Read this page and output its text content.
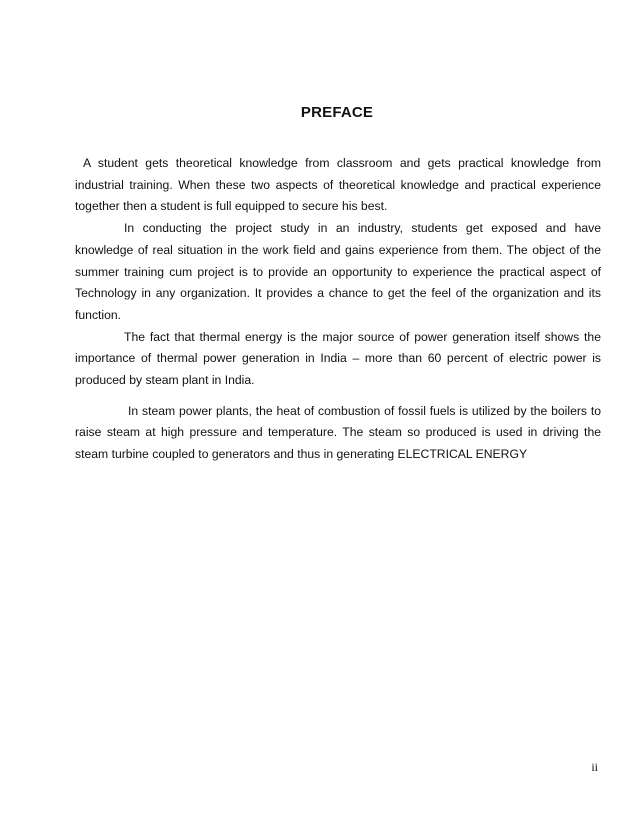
PREFACE

A student gets theoretical knowledge from classroom and gets practical knowledge from industrial training. When these two aspects of theoretical knowledge and practical experience together then a student is full equipped to secure his best.

In conducting the project study in an industry, students get exposed and have knowledge of real situation in the work field and gains experience from them. The object of the summer training cum project is to provide an opportunity to experience the practical aspect of Technology in any organization. It provides a chance to get the feel of the organization and its function.

The fact that thermal energy is the major source of power generation itself shows the importance of thermal power generation in India – more than 60 percent of electric power is produced by steam plant in India.

In steam power plants, the heat of combustion of fossil fuels is utilized by the boilers to raise steam at high pressure and temperature. The steam so produced is used in driving the steam turbine coupled to generators and thus in generating ELECTRICAL ENERGY

ii
